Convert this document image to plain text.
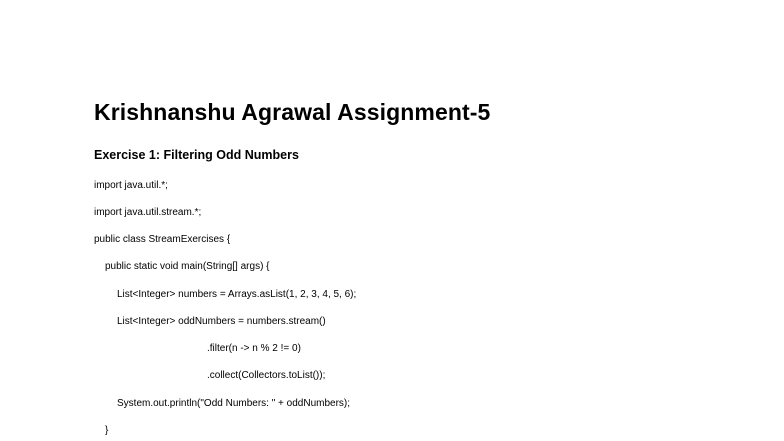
Krishnanshu Agrawal Assignment-5
Exercise 1: Filtering Odd Numbers
import java.util.*;
import java.util.stream.*;
public class StreamExercises {
public static void main(String[] args) {
List<Integer> numbers = Arrays.asList(1, 2, 3, 4, 5, 6);
List<Integer> oddNumbers = numbers.stream()
.filter(n -> n % 2 != 0)
.collect(Collectors.toList());
System.out.println("Odd Numbers: " + oddNumbers);
}
